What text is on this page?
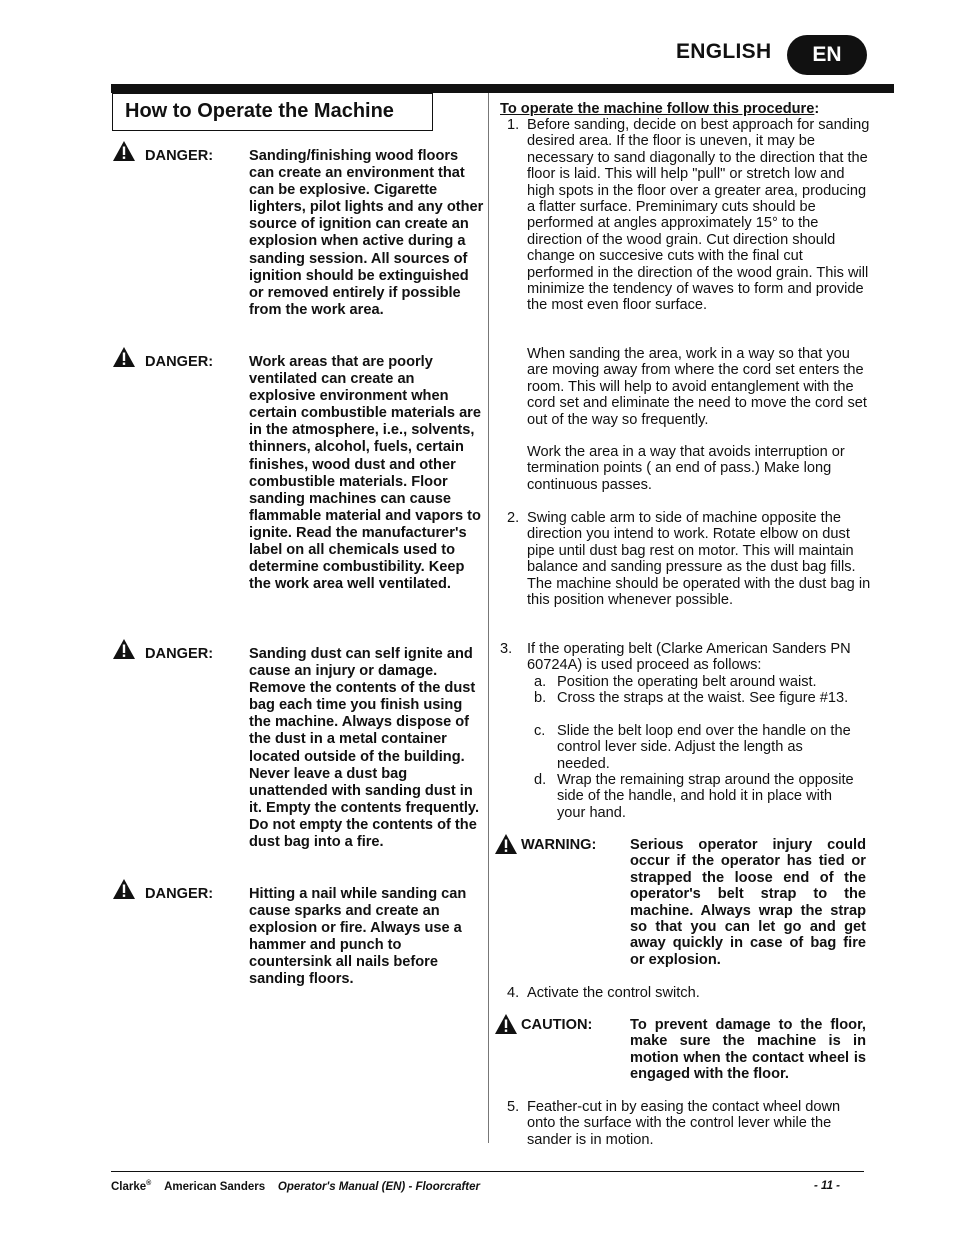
ENGLISH	EN
How to Operate the Machine
DANGER: Sanding/finishing wood floors can create an environment that can be explosive. Cigarette lighters, pilot lights and any other source of ignition can create an explosion when active during a sanding session. All sources of ignition should be extinguished or removed entirely if possible from the work area.
DANGER: Work areas that are poorly ventilated can create an explosive environment when certain combustible materials are in the atmosphere, i.e., solvents, thinners, alcohol, fuels, certain finishes, wood dust and other combustible materials. Floor sanding machines can cause flammable material and vapors to ignite. Read the manufacturer's label on all chemicals used to determine combustibility. Keep the work area well ventilated.
DANGER: Sanding dust can self ignite and cause an injury or damage. Remove the contents of the dust bag each time you finish using the machine. Always dispose of the dust in a metal container located outside of the building. Never leave a dust bag unattended with sanding dust in it. Empty the contents frequently. Do not empty the contents of the dust bag into a fire.
DANGER: Hitting a nail while sanding can cause sparks and create an explosion or fire. Always use a hammer and punch to countersink all nails before sanding floors.
To operate the machine follow this procedure:
1. Before sanding, decide on best approach for sanding desired area. If the floor is uneven, it may be necessary to sand diagonally to the direction that the floor is laid. This will help "pull" or stretch low and high spots in the floor over a greater area, producing a flatter surface. Preminimary cuts should be performed at angles approximately 15° to the direction of the wood grain. Cut direction should change on succesive cuts with the final cut performed in the direction of the wood grain. This will minimize the tendency of waves to form and provide the most even floor surface.
When sanding the area, work in a way so that you are moving away from where the cord set enters the room. This will help to avoid entanglement with the cord set and eliminate the need to move the cord set out of the way so frequently.
Work the area in a way that avoids interruption or termination points ( an end of pass.) Make long continuous passes.
2. Swing cable arm to side of machine opposite the direction you intend to work. Rotate elbow on dust pipe until dust bag rest on motor. This will maintain balance and sanding pressure as the dust bag fills. The machine should be operated with the dust bag in this position whenever possible.
3. If the operating belt (Clarke American Sanders PN 60724A) is used proceed as follows:
a. Position the operating belt around waist.
b. Cross the straps at the waist. See figure #13.
c. Slide the belt loop end over the handle on the control lever side. Adjust the length as needed.
d. Wrap the remaining strap around the opposite side of the handle, and hold it in place with your hand.
WARNING: Serious operator injury could occur if the operator has tied or strapped the loose end of the operator's belt strap to the machine. Always wrap the strap so that you can let go and get away quickly in case of bag fire or explosion.
4. Activate the control switch.
CAUTION:	To prevent damage to the floor, make sure the machine is in motion when the contact wheel is engaged with the floor.
5. Feather-cut in by easing the contact wheel down onto the surface with the control lever while the sander is in motion.
Clarke® American Sanders Operator's Manual (EN) - Floorcrafter	- 11 -
